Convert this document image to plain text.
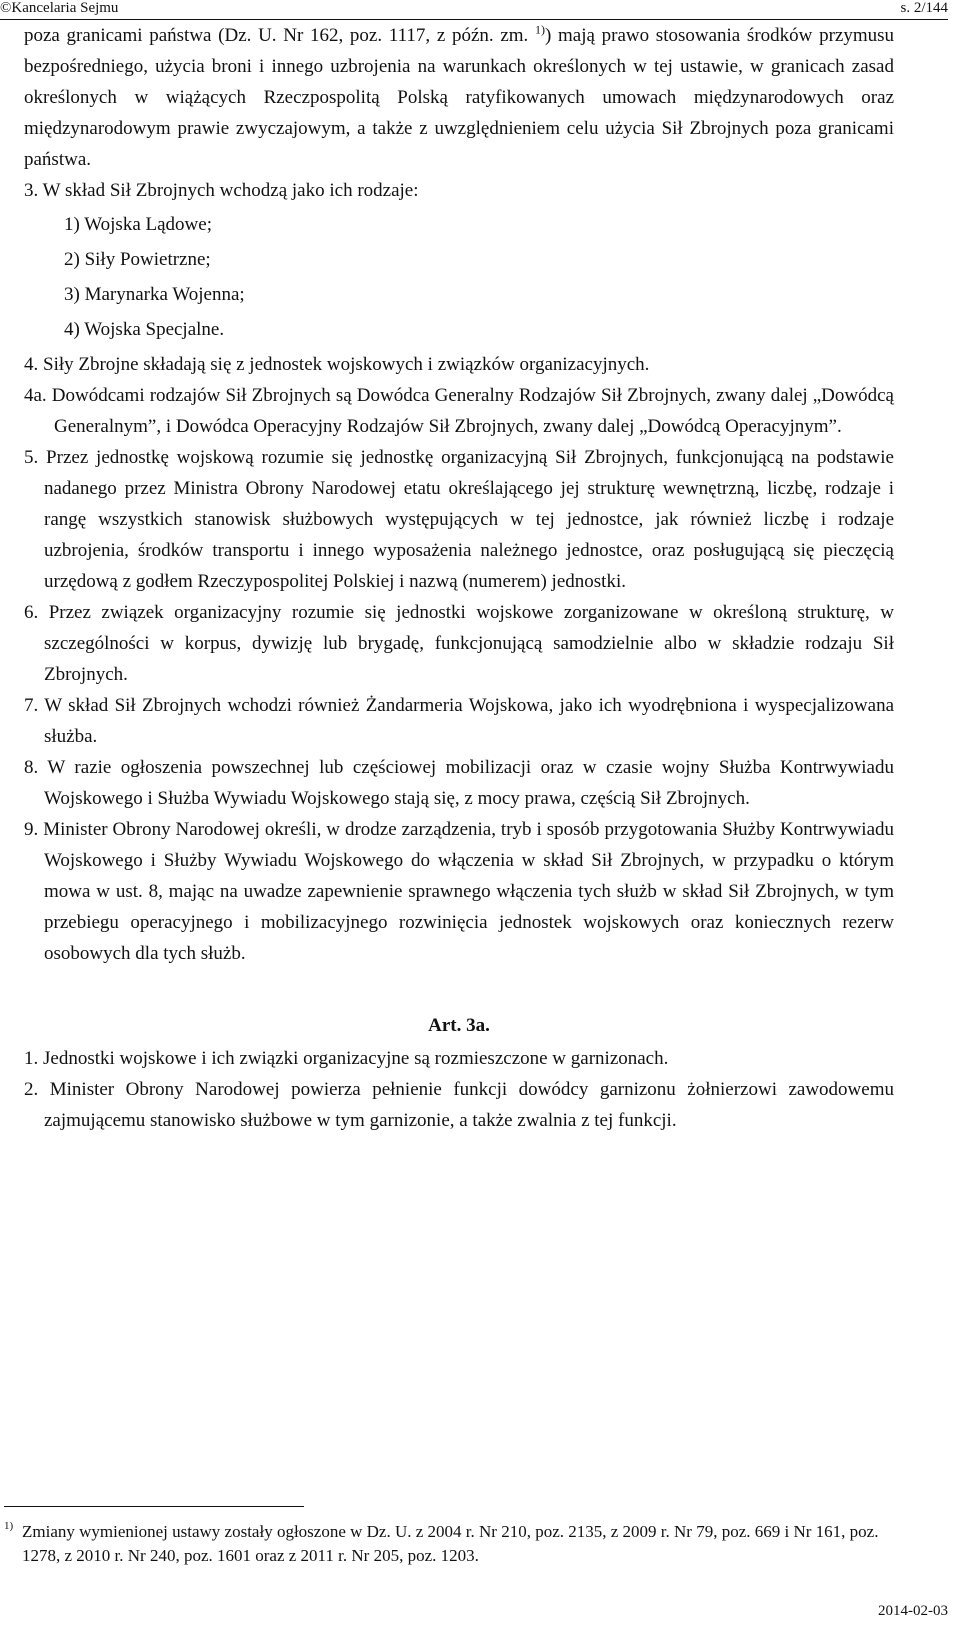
©Kancelaria Sejmu	s. 2/144

poza granicami państwa (Dz. U. Nr 162, poz. 1117, z późn. zm. $^{1)}$) mają prawo stosowania środków przymusu bezpośredniego, użycia broni i innego uzbrojenia na warunkach określonych w tej ustawie, w granicach zasad określonych w wiążących Rzeczpospolitą Polską ratyfikowanych umowach międzynarodowych oraz międzynarodowym prawie zwyczajowym, a także z uwzględnieniem celu użycia Sił Zbrojnych poza granicami państwa.

3. W skład Sił Zbrojnych wchodzą jako ich rodzaje:

1) Wojska Lądowe;
2) Siły Powietrzne;
3) Marynarka Wojenna;
4) Wojska Specjalne.

4. Siły Zbrojne składają się z jednostek wojskowych i związków organizacyjnych.

4a. Dowódcami rodzajów Sił Zbrojnych są Dowódca Generalny Rodzajów Sił Zbrojnych, zwany dalej „Dowódcą Generalnym”, i Dowódca Operacyjny Rodzajów Sił Zbrojnych, zwany dalej „Dowódcą Operacyjnym”.

5. Przez jednostkę wojskową rozumie się jednostkę organizacyjną Sił Zbrojnych, funkcjonującą na podstawie nadanego przez Ministra Obrony Narodowej etatu określającego jej strukturę wewnętrzną, liczbę, rodzaje i rangę wszystkich stanowisk służbowych występujących w tej jednostce, jak również liczbę i rodzaje uzbrojenia, środków transportu i innego wyposażenia należnego jednostce, oraz posługującą się pieczęcią urzędową z godłem Rzeczypospolitej Polskiej i nazwą (numerem) jednostki.

6. Przez związek organizacyjny rozumie się jednostki wojskowe zorganizowane w określoną strukturę, w szczególności w korpus, dywizję lub brygadę, funkcjonującą samodzielnie albo w składzie rodzaju Sił Zbrojnych.

7. W skład Sił Zbrojnych wchodzi również Żandarmeria Wojskowa, jako ich wyodrębniona i wyspecjalizowana służba.

8. W razie ogłoszenia powszechnej lub częściowej mobilizacji oraz w czasie wojny Służba Kontrwywiadu Wojskowego i Służba Wywiadu Wojskowego stają się, z mocy prawa, częścią Sił Zbrojnych.

9. Minister Obrony Narodowej określi, w drodze zarządzenia, tryb i sposób przygotowania Służby Kontrwywiadu Wojskowego i Służby Wywiadu Wojskowego do włączenia w skład Sił Zbrojnych, w przypadku o którym mowa w ust. 8, mając na uwadze zapewnienie sprawnego włączenia tych służb w skład Sił Zbrojnych, w tym przebiegu operacyjnego i mobilizacyjnego rozwinięcia jednostek wojskowych oraz koniecznych rezerw osobowych dla tych służb.

Art. 3a.

1. Jednostki wojskowe i ich związki organizacyjne są rozmieszczone w garnizonach.

2. Minister Obrony Narodowej powierza pełnienie funkcji dowódcy garnizonu żołnierzowi zawodowemu zajmującemu stanowisko służbowe w tym garnizonie, a także zwalnia z tej funkcji.

1) Zmiany wymienionej ustawy zostały ogłoszone w Dz. U. z 2004 r. Nr 210, poz. 2135, z 2009 r. Nr 79, poz. 669 i Nr 161, poz. 1278, z 2010 r. Nr 240, poz. 1601 oraz z 2011 r. Nr 205, poz. 1203.
2014-02-03
